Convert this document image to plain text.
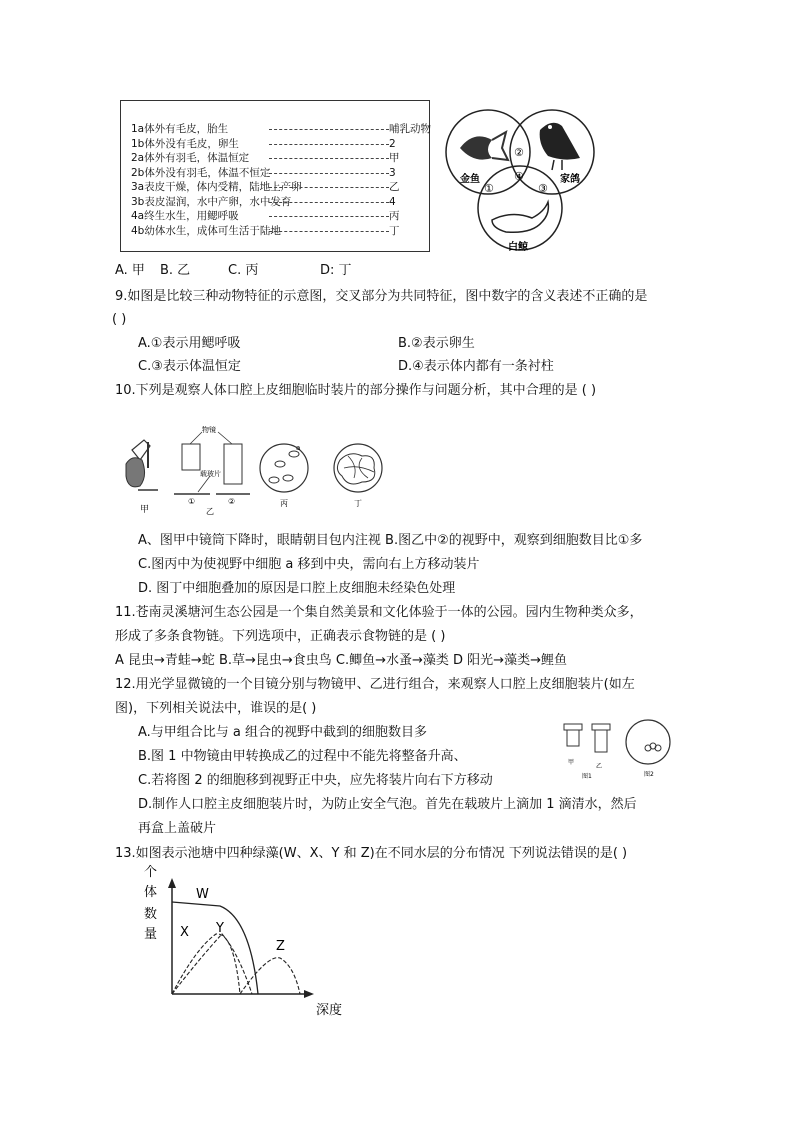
1a体外有毛皮，胎生	哺乳动物
1b体外没有毛皮，卵生	2
2a体外有羽毛，体温恒定	甲
2b体外没有羽毛，体温不恒定	3
3a表皮干燥，体内受精，陆地上产卵	乙
3b表皮湿润，水中产卵，水中发育	4
4a终生水生，用鳃呼吸	丙
4b幼体水生，成体可生活于陆地	丁
金鱼	家鸽
白鲸
②
①
④
③
A. 甲 B. 乙	C. 丙	D: 丁
9.如图是比较三种动物特征的示意图，交叉部分为共同特征，图中数字的含义表述不正确的是
( )
A.①表示用鳃呼吸	B.②表示卵生
C.③表示体温恒定	D.④表示体内都有一条衬柱
10.下列是观察人体口腔上皮细胞临时装片的部分操作与问题分析，其中合理的是 ( )
甲
物镜
载玻片
①	②
乙
a
丙	丁
A、图甲中镜筒下降时，眼睛朝目包内注视 B.图乙中②的视野中，观察到细胞数目比①多
C.图丙中为使视野中细胞 a 移到中央，需向右上方移动装片
D. 图丁中细胞叠加的原因是口腔上皮细胞未经染色处理
11.苍南灵溪塘河生态公园是一个集自然美景和文化体验于一体的公园。园内生物种类众多，
形成了多条食物链。下列选项中，正确表示食物链的是 ( )
A 昆虫→青蛙→蛇 B.草→昆虫→食虫鸟 C.鲫鱼→水蚤→藻类 D 阳光→藻类→鲤鱼
12.用光学显微镜的一个目镜分别与物镜甲、乙进行组合，来观察人口腔上皮细胞装片(如左
图)，下列相关说法中，谁误的是( )
A.与甲组合比与 a 组合的视野中截到的细胞数目多
B.图 1 中物镜由甲转换成乙的过程中不能先将整备升高、
C.若将图 2 的细胞移到视野正中央，应先将装片向右下方移动
D.制作人口腔主皮细胞装片时，为防止安全气泡。首先在载玻片上滴加 1 滴清水，然后
再盒上盖破片
甲
乙
图1	图2
13.如图表示池塘中四种绿藻(W、X、Y 和 Z)在不同水层的分布情况 下列说法错误的是( )
个
体
数
量
W
X Y
Z
深度
